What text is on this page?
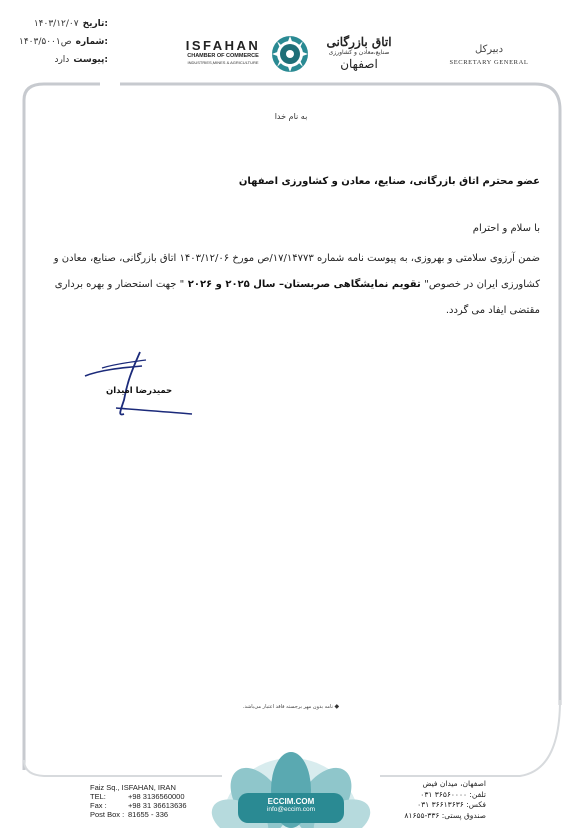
۱۴۰۳/۱۲/۰۷ تاریخ:
۱۴۰۳/ص۵۰۰۱ شماره:
دارد پیوست:
ISFAHAN
CHAMBER OF COMMERCE
INDUSTRIES,MINES & AGRICULTURE
اتاق بازرگانی
صنایع،معادن و کشاورزی
اصفهان
دبیرکل
SECRETARY GENERAL
به نام خدا
عضو محترم اتاق بازرگانی، صنایع، معادن و کشاورزی اصفهان
با سلام و احترام

ضمن آرزوی سلامتی و بهروزی، به پیوست نامه شماره ۱۷/۱۴۷۷۳/ص مورخ ۱۴۰۳/۱۲/۰۶ اتاق بازرگانی، صنایع، معادن و کشاورزی ایران در خصوص" تقویم نمایشگاهی صربستان– سال ۲۰۲۵ و ۲۰۲۶ " جهت استحضار و بهره برداری مقتضی ایفاد می گردد.

حمیدرضا امیدان
◆ نامه بدون مهر برجسته فاقد اعتبار می‌باشد.
Faiz Sq., ISFAHAN, IRAN
TEL:	+98 3136560000
Fax :	+98 31 36613636
Post Box : 81655 - 336
ECCIM.COM
info@eccim.com
اصفهان، میدان فیض
تلفن: ۳۶۵۶۰۰۰۰ ۰۳۱
فکس: ۳۶۶۱۳۶۳۶ ۰۳۱
صندوق پستی: ۳۳۶-۸۱۶۵۵
